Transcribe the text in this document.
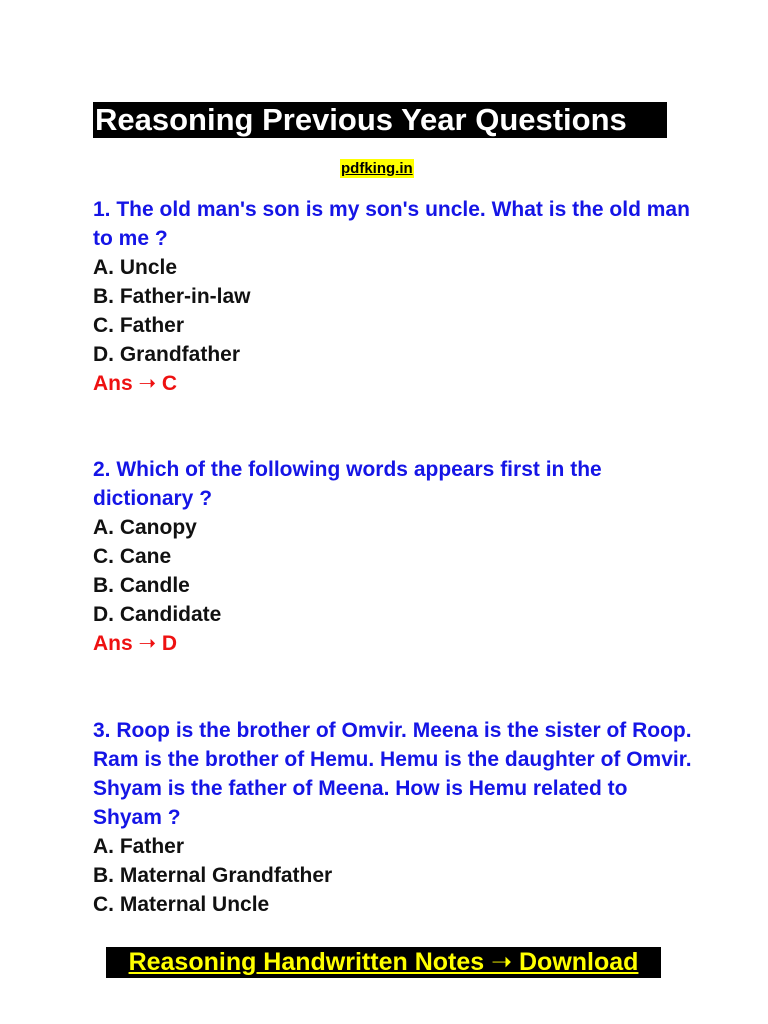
Reasoning Previous Year Questions
pdfking.in

1. The old man's son is my son's uncle. What is the old man to me ?

A. Uncle

B. Father-in-law

C. Father

D. Grandfather

Ans ➝ C

2. Which of the following words appears first in the dictionary ?

A. Canopy

C. Cane

B. Candle

D. Candidate

Ans ➝ D

3. Roop is the brother of Omvir. Meena is the sister of Roop. Ram is the brother of Hemu. Hemu is the daughter of Omvir. Shyam is the father of Meena. How is Hemu related to Shyam ?

A. Father

B. Maternal Grandfather

C. Maternal Uncle

Reasoning Handwritten Notes ➝ Download
